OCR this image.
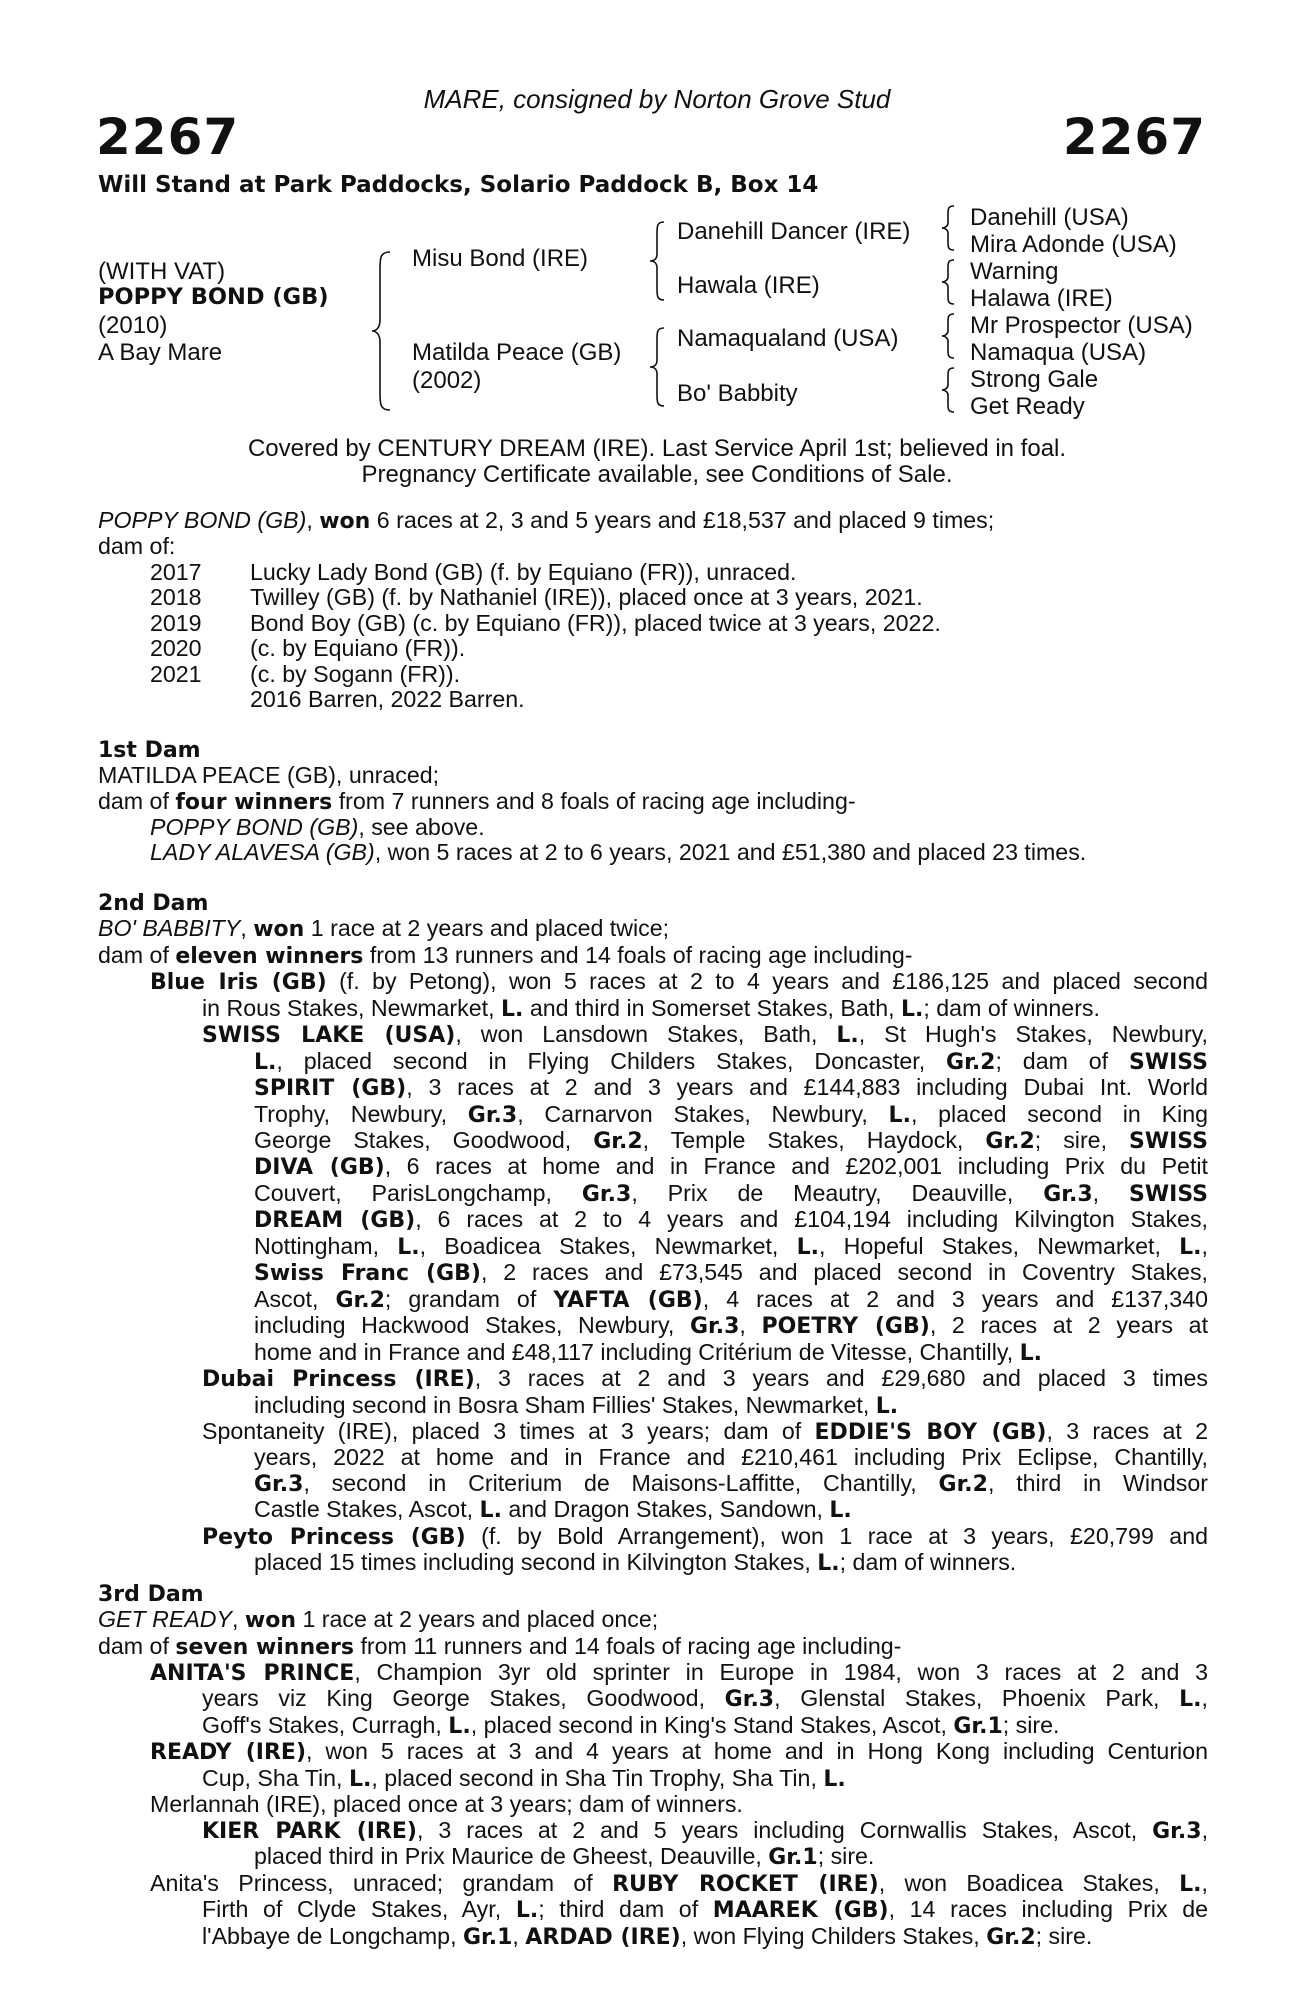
MARE, consigned by Norton Grove Stud
2267	2267
Will Stand at Park Paddocks, Solario Paddock B, Box 14
(WITH VAT)
POPPY BOND (GB)
(2010)
A Bay Mare
Misu Bond (IRE)
Matilda Peace (GB)
(2002)
Danehill Dancer (IRE)
Hawala (IRE)
Namaqualand (USA)
Bo' Babbity
Danehill (USA)
Mira Adonde (USA)
Warning
Halawa (IRE)
Mr Prospector (USA)
Namaqua (USA)
Strong Gale
Get Ready
Covered by CENTURY DREAM (IRE). Last Service April 1st; believed in foal.
Pregnancy Certificate available, see Conditions of Sale.
POPPY BOND (GB), won 6 races at 2, 3 and 5 years and £18,537 and placed 9 times;
dam of:
2017 Lucky Lady Bond (GB) (f. by Equiano (FR)), unraced.
2018 Twilley (GB) (f. by Nathaniel (IRE)), placed once at 3 years, 2021.
2019 Bond Boy (GB) (c. by Equiano (FR)), placed twice at 3 years, 2022.
2020 (c. by Equiano (FR)).
2021 (c. by Sogann (FR)).
2016 Barren, 2022 Barren.
1st Dam
MATILDA PEACE (GB), unraced;
dam of four winners from 7 runners and 8 foals of racing age including-
POPPY BOND (GB), see above.
LADY ALAVESA (GB), won 5 races at 2 to 6 years, 2021 and £51,380 and placed 23 times.
2nd Dam
BO' BABBITY, won 1 race at 2 years and placed twice;
dam of eleven winners from 13 runners and 14 foals of racing age including-
Blue Iris (GB) (f. by Petong), won 5 races at 2 to 4 years and £186,125 and placed second
in Rous Stakes, Newmarket, L. and third in Somerset Stakes, Bath, L.; dam of winners.
SWISS LAKE (USA), won Lansdown Stakes, Bath, L., St Hugh's Stakes, Newbury,
L., placed second in Flying Childers Stakes, Doncaster, Gr.2; dam of SWISS
SPIRIT (GB), 3 races at 2 and 3 years and £144,883 including Dubai Int. World
Trophy, Newbury, Gr.3, Carnarvon Stakes, Newbury, L., placed second in King
George Stakes, Goodwood, Gr.2, Temple Stakes, Haydock, Gr.2; sire, SWISS
DIVA (GB), 6 races at home and in France and £202,001 including Prix du Petit
Couvert, ParisLongchamp, Gr.3, Prix de Meautry, Deauville, Gr.3, SWISS
DREAM (GB), 6 races at 2 to 4 years and £104,194 including Kilvington Stakes,
Nottingham, L., Boadicea Stakes, Newmarket, L., Hopeful Stakes, Newmarket, L.,
Swiss Franc (GB), 2 races and £73,545 and placed second in Coventry Stakes,
Ascot, Gr.2; grandam of YAFTA (GB), 4 races at 2 and 3 years and £137,340
including Hackwood Stakes, Newbury, Gr.3, POETRY (GB), 2 races at 2 years at
home and in France and £48,117 including Critérium de Vitesse, Chantilly, L.
Dubai Princess (IRE), 3 races at 2 and 3 years and £29,680 and placed 3 times
including second in Bosra Sham Fillies' Stakes, Newmarket, L.
Spontaneity (IRE), placed 3 times at 3 years; dam of EDDIE'S BOY (GB), 3 races at 2
years, 2022 at home and in France and £210,461 including Prix Eclipse, Chantilly,
Gr.3, second in Criterium de Maisons-Laffitte, Chantilly, Gr.2, third in Windsor
Castle Stakes, Ascot, L. and Dragon Stakes, Sandown, L.
Peyto Princess (GB) (f. by Bold Arrangement), won 1 race at 3 years, £20,799 and
placed 15 times including second in Kilvington Stakes, L.; dam of winners.
3rd Dam
GET READY, won 1 race at 2 years and placed once;
dam of seven winners from 11 runners and 14 foals of racing age including-
ANITA'S PRINCE, Champion 3yr old sprinter in Europe in 1984, won 3 races at 2 and 3
years viz King George Stakes, Goodwood, Gr.3, Glenstal Stakes, Phoenix Park, L.,
Goff's Stakes, Curragh, L., placed second in King's Stand Stakes, Ascot, Gr.1; sire.
READY (IRE), won 5 races at 3 and 4 years at home and in Hong Kong including Centurion
Cup, Sha Tin, L., placed second in Sha Tin Trophy, Sha Tin, L.
Merlannah (IRE), placed once at 3 years; dam of winners.
KIER PARK (IRE), 3 races at 2 and 5 years including Cornwallis Stakes, Ascot, Gr.3,
placed third in Prix Maurice de Gheest, Deauville, Gr.1; sire.
Anita's Princess, unraced; grandam of RUBY ROCKET (IRE), won Boadicea Stakes, L.,
Firth of Clyde Stakes, Ayr, L.; third dam of MAAREK (GB), 14 races including Prix de
l'Abbaye de Longchamp, Gr.1, ARDAD (IRE), won Flying Childers Stakes, Gr.2; sire.
